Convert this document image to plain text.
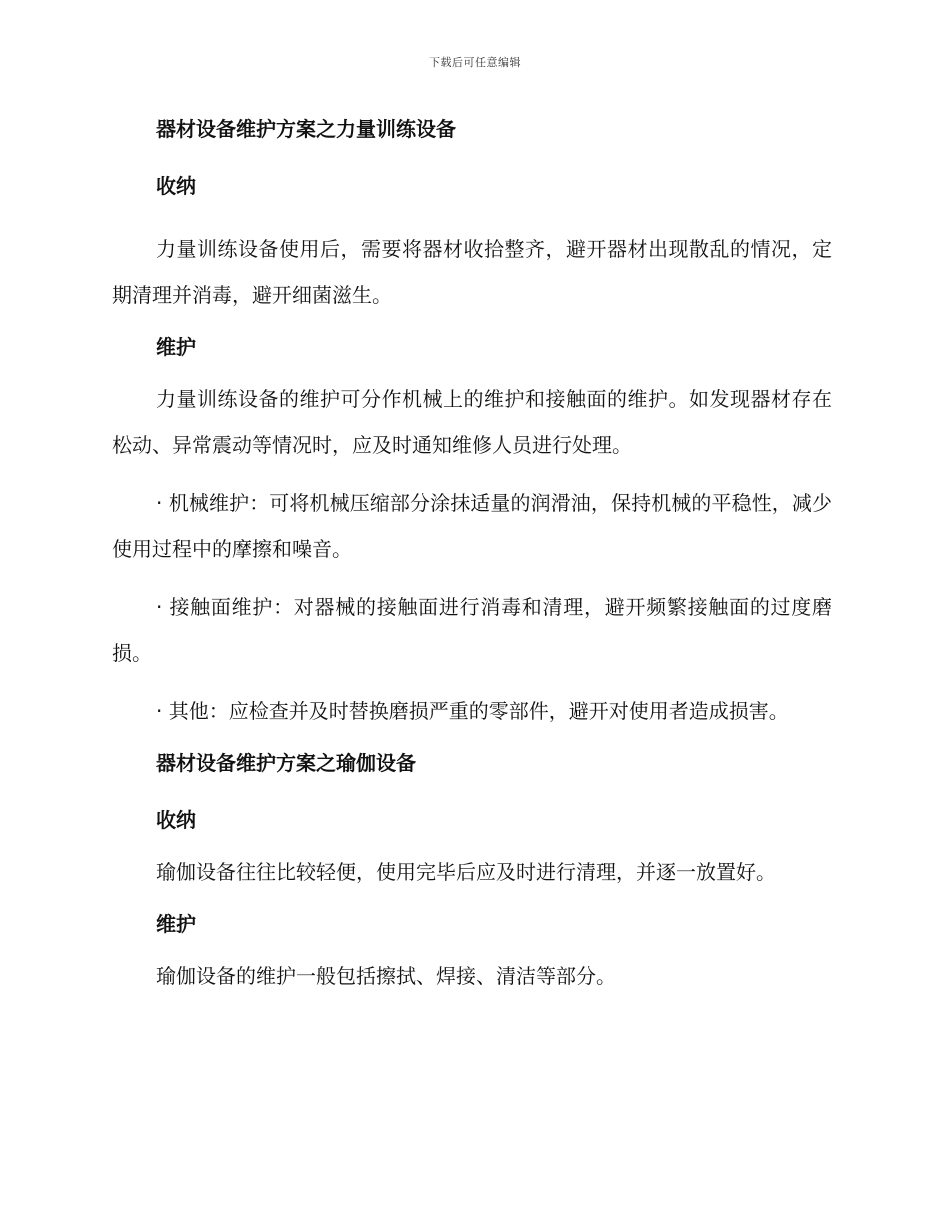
下载后可任意编辑
器材设备维护方案之力量训练设备
收纳

力量训练设备使用后，需要将器材收拾整齐，避开器材出现散乱的情况，定期清理并消毒，避开细菌滋生。

维护

力量训练设备的维护可分作机械上的维护和接触面的维护。如发现器材存在松动、异常震动等情况时，应及时通知维修人员进行处理。

· 机械维护：可将机械压缩部分涂抹适量的润滑油，保持机械的平稳性，减少使用过程中的摩擦和噪音。

· 接触面维护：对器械的接触面进行消毒和清理，避开频繁接触面的过度磨损。

· 其他：应检查并及时替换磨损严重的零部件，避开对使用者造成损害。

器材设备维护方案之瑜伽设备
收纳

瑜伽设备往往比较轻便，使用完毕后应及时进行清理，并逐一放置好。

维护

瑜伽设备的维护一般包括擦拭、焊接、清洁等部分。
